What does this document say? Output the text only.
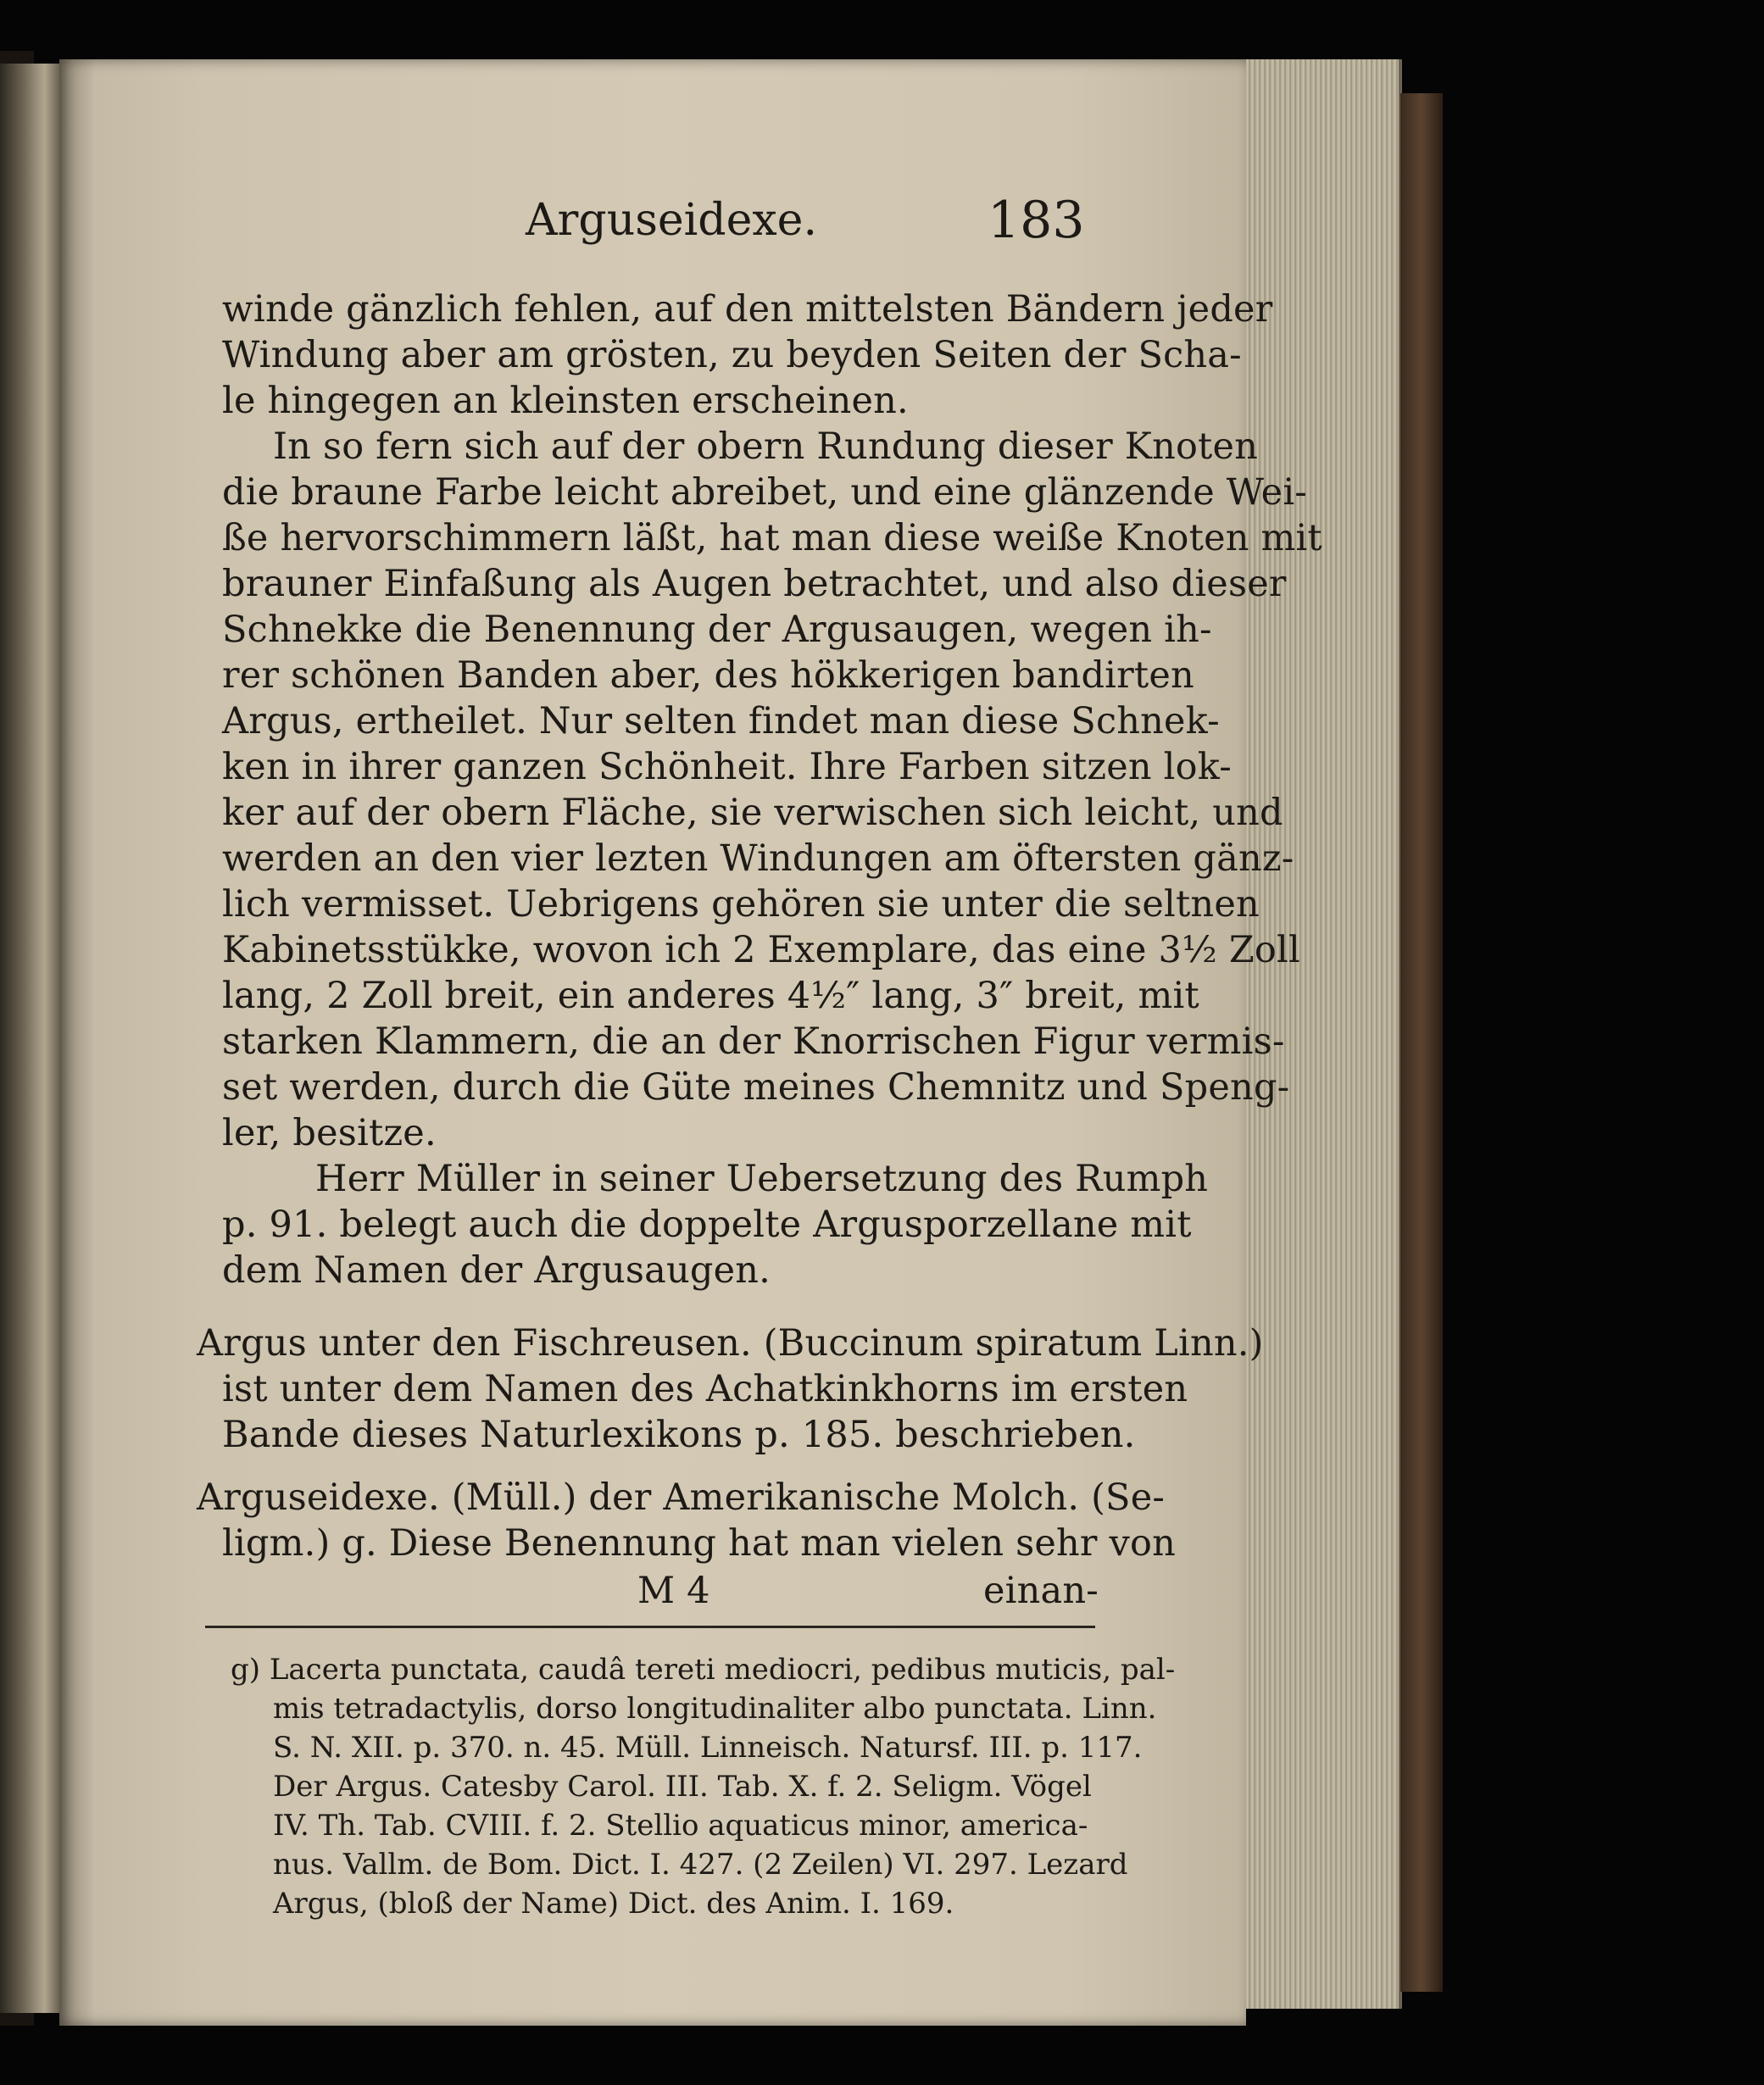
Arguseidexe.	183
winde gänzlich fehlen, auf den mittelsten Bändern jeder
Windung aber am grösten, zu beyden Seiten der Scha-
le hingegen an kleinsten erscheinen.
In so fern sich auf der obern Rundung dieser Knoten
die braune Farbe leicht abreibet, und eine glänzende Wei-
ße hervorschimmern läßt, hat man diese weiße Knoten mit
brauner Einfaßung als Augen betrachtet, und also dieser
Schnekke die Benennung der Argusaugen, wegen ih-
rer schönen Banden aber, des hökkerigen bandirten
Argus, ertheilet. Nur selten findet man diese Schnek-
ken in ihrer ganzen Schönheit. Ihre Farben sitzen lok-
ker auf der obern Fläche, sie verwischen sich leicht, und
werden an den vier lezten Windungen am öftersten gänz-
lich vermisset. Uebrigens gehören sie unter die seltnen
Kabinetsstükke, wovon ich 2 Exemplare, das eine 3½ Zoll
lang, 2 Zoll breit, ein anderes 4½″ lang, 3″ breit, mit
starken Klammern, die an der Knorrischen Figur vermis-
set werden, durch die Güte meines Chemnitz und Speng-
ler, besitze.
Herr Müller in seiner Uebersetzung des Rumph
p. 91. belegt auch die doppelte Argusporzellane mit
dem Namen der Argusaugen.
Argus unter den Fischreusen. (Buccinum spiratum Linn.)
ist unter dem Namen des Achatkinkhorns im ersten
Bande dieses Naturlexikons p. 185. beschrieben.
Arguseidexe. (Müll.) der Amerikanische Molch. (Se-
ligm.) g. Diese Benennung hat man vielen sehr von
M 4	einan-
g) Lacerta punctata, caudâ tereti mediocri, pedibus muticis, pal-
mis tetradactylis, dorso longitudinaliter albo punctata. Linn.
S. N. XII. p. 370. n. 45. Müll. Linneisch. Natursf. III. p. 117.
Der Argus. Catesby Carol. III. Tab. X. f. 2. Seligm. Vögel
IV. Th. Tab. CVIII. f. 2. Stellio aquaticus minor, america-
nus. Vallm. de Bom. Dict. I. 427. (2 Zeilen) VI. 297. Lezard
Argus, (bloß der Name) Dict. des Anim. I. 169.
